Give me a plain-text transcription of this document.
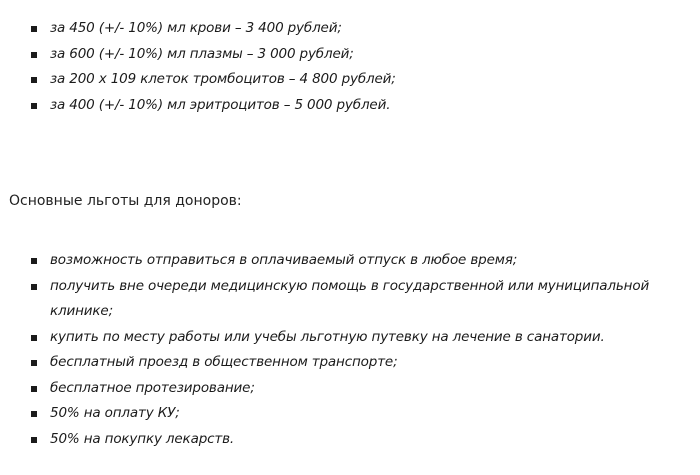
за 450 (+/- 10%) мл крови – 3 400 рублей;
за 600 (+/- 10%) мл плазмы – 3 000 рублей;
за 200 х 109 клеток тромбоцитов – 4 800 рублей;
за 400 (+/- 10%) мл эритроцитов – 5 000 рублей.
Основные льготы для доноров:
возможность отправиться в оплачиваемый отпуск в любое время;
получить вне очереди медицинскую помощь в государственной или муниципальной клинике;
купить по месту работы или учебы льготную путевку на лечение в санатории.
бесплатный проезд в общественном транспорте;
бесплатное протезирование;
50% на оплату КУ;
50% на покупку лекарств.
